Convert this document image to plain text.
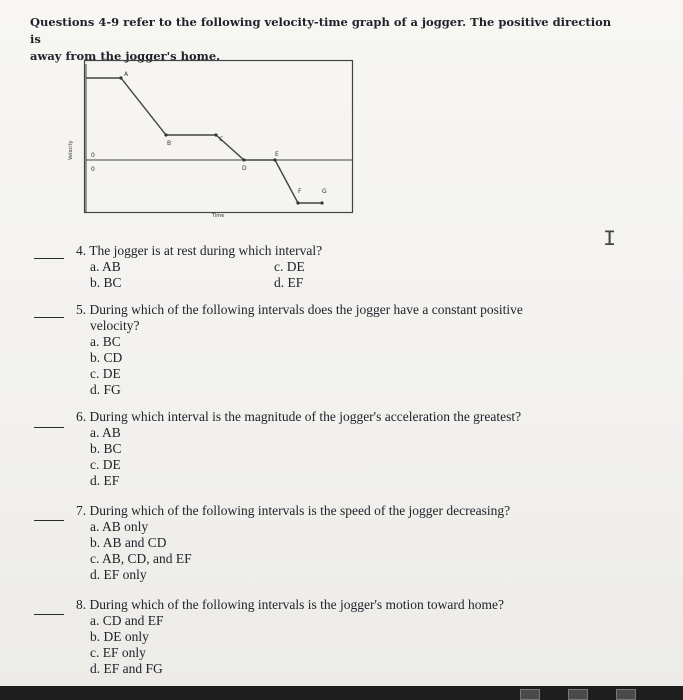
Questions 4-9 refer to the following velocity-time graph of a jogger. The positive direction is
away from the jogger's home.
Velocity
Time
0
0
A
B
C
D
E
F	G
4. The jogger is at rest during which interval?
a. AB	c. DE
b. BC	d. EF
5. During which of the following intervals does the jogger have a constant positive
velocity?
a. BC
b. CD
c. DE
d. FG
6. During which interval is the magnitude of the jogger's acceleration the greatest?
a. AB
b. BC
c. DE
d. EF
7. During which of the following intervals is the speed of the jogger decreasing?
a. AB only
b. AB and CD
c. AB, CD, and EF
d. EF only
8. During which of the following intervals is the jogger's motion toward home?
a. CD and EF
b. DE only
c. EF only
d. EF and FG
I
